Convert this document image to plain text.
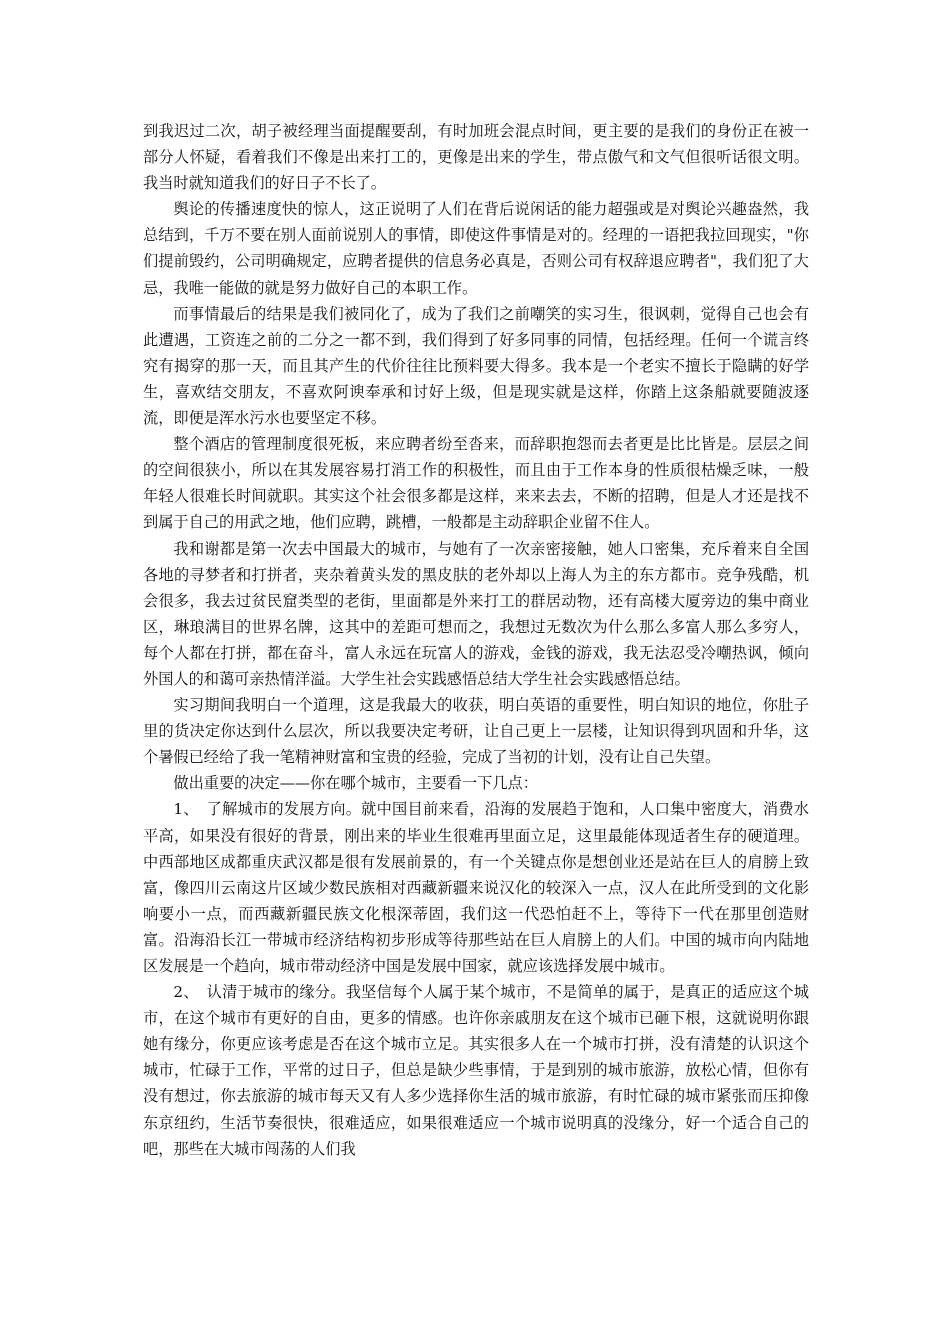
到我迟过二次，胡子被经理当面提醒要刮，有时加班会混点时间，更主要的是我们的身份正在被一部分人怀疑，看着我们不像是出来打工的，更像是出来的学生，带点傲气和文气但很听话很文明。我当时就知道我们的好日子不长了。

舆论的传播速度快的惊人，这正说明了人们在背后说闲话的能力超强或是对舆论兴趣盎然，我总结到，千万不要在别人面前说别人的事情，即使这件事情是对的。经理的一语把我拉回现实，"你们提前毁约，公司明确规定，应聘者提供的信息务必真是，否则公司有权辞退应聘者"，我们犯了大忌，我唯一能做的就是努力做好自己的本职工作。

而事情最后的结果是我们被同化了，成为了我们之前嘲笑的实习生，很讽刺，觉得自己也会有此遭遇，工资连之前的二分之一都不到，我们得到了好多同事的同情，包括经理。任何一个谎言终究有揭穿的那一天，而且其产生的代价往往比预料要大得多。我本是一个老实不擅长于隐瞒的好学生，喜欢结交朋友，不喜欢阿谀奉承和讨好上级，但是现实就是这样，你踏上这条船就要随波逐流，即便是浑水污水也要坚定不移。

整个酒店的管理制度很死板，来应聘者纷至沓来，而辞职抱怨而去者更是比比皆是。层层之间的空间很狭小，所以在其发展容易打消工作的积极性，而且由于工作本身的性质很枯燥乏味，一般年轻人很难长时间就职。其实这个社会很多都是这样，来来去去，不断的招聘，但是人才还是找不到属于自己的用武之地，他们应聘，跳槽，一般都是主动辞职企业留不住人。

我和谢都是第一次去中国最大的城市，与她有了一次亲密接触，她人口密集，充斥着来自全国各地的寻梦者和打拼者，夹杂着黄头发的黑皮肤的老外却以上海人为主的东方都市。竞争残酷，机会很多，我去过贫民窟类型的老街，里面都是外来打工的群居动物，还有高楼大厦旁边的集中商业区，琳琅满目的世界名牌，这其中的差距可想而之，我想过无数次为什么那么多富人那么多穷人，每个人都在打拼，都在奋斗，富人永远在玩富人的游戏，金钱的游戏，我无法忍受冷嘲热讽，倾向外国人的和蔼可亲热情洋溢。大学生社会实践感悟总结大学生社会实践感悟总结。

实习期间我明白一个道理，这是我最大的收获，明白英语的重要性，明白知识的地位，你肚子里的货决定你达到什么层次，所以我要决定考研，让自己更上一层楼，让知识得到巩固和升华，这个暑假已经给了我一笔精神财富和宝贵的经验，完成了当初的计划，没有让自己失望。

做出重要的决定——你在哪个城市，主要看一下几点：

1、　了解城市的发展方向。就中国目前来看，沿海的发展趋于饱和，人口集中密度大，消费水平高，如果没有很好的背景，刚出来的毕业生很难再里面立足，这里最能体现适者生存的硬道理。中西部地区成都重庆武汉都是很有发展前景的，有一个关键点你是想创业还是站在巨人的肩膀上致富，像四川云南这片区域少数民族相对西藏新疆来说汉化的较深入一点，汉人在此所受到的文化影响要小一点，而西藏新疆民族文化根深蒂固，我们这一代恐怕赶不上，等待下一代在那里创造财富。沿海沿长江一带城市经济结构初步形成等待那些站在巨人肩膀上的人们。中国的城市向内陆地区发展是一个趋向，城市带动经济中国是发展中国家，就应该选择发展中城市。

2、　认清于城市的缘分。我坚信每个人属于某个城市，不是简单的属于，是真正的适应这个城市，在这个城市有更好的自由，更多的情感。也许你亲戚朋友在这个城市已砸下根，这就说明你跟她有缘分，你更应该考虑是否在这个城市立足。其实很多人在一个城市打拼，没有清楚的认识这个城市，忙碌于工作，平常的过日子，但总是缺少些事情，于是到别的城市旅游，放松心情，但你有没有想过，你去旅游的城市每天又有人多少选择你生活的城市旅游，有时忙碌的城市紧张而压抑像东京纽约，生活节奏很快，很难适应，如果很难适应一个城市说明真的没缘分，好一个适合自己的吧，那些在大城市闯荡的人们我
